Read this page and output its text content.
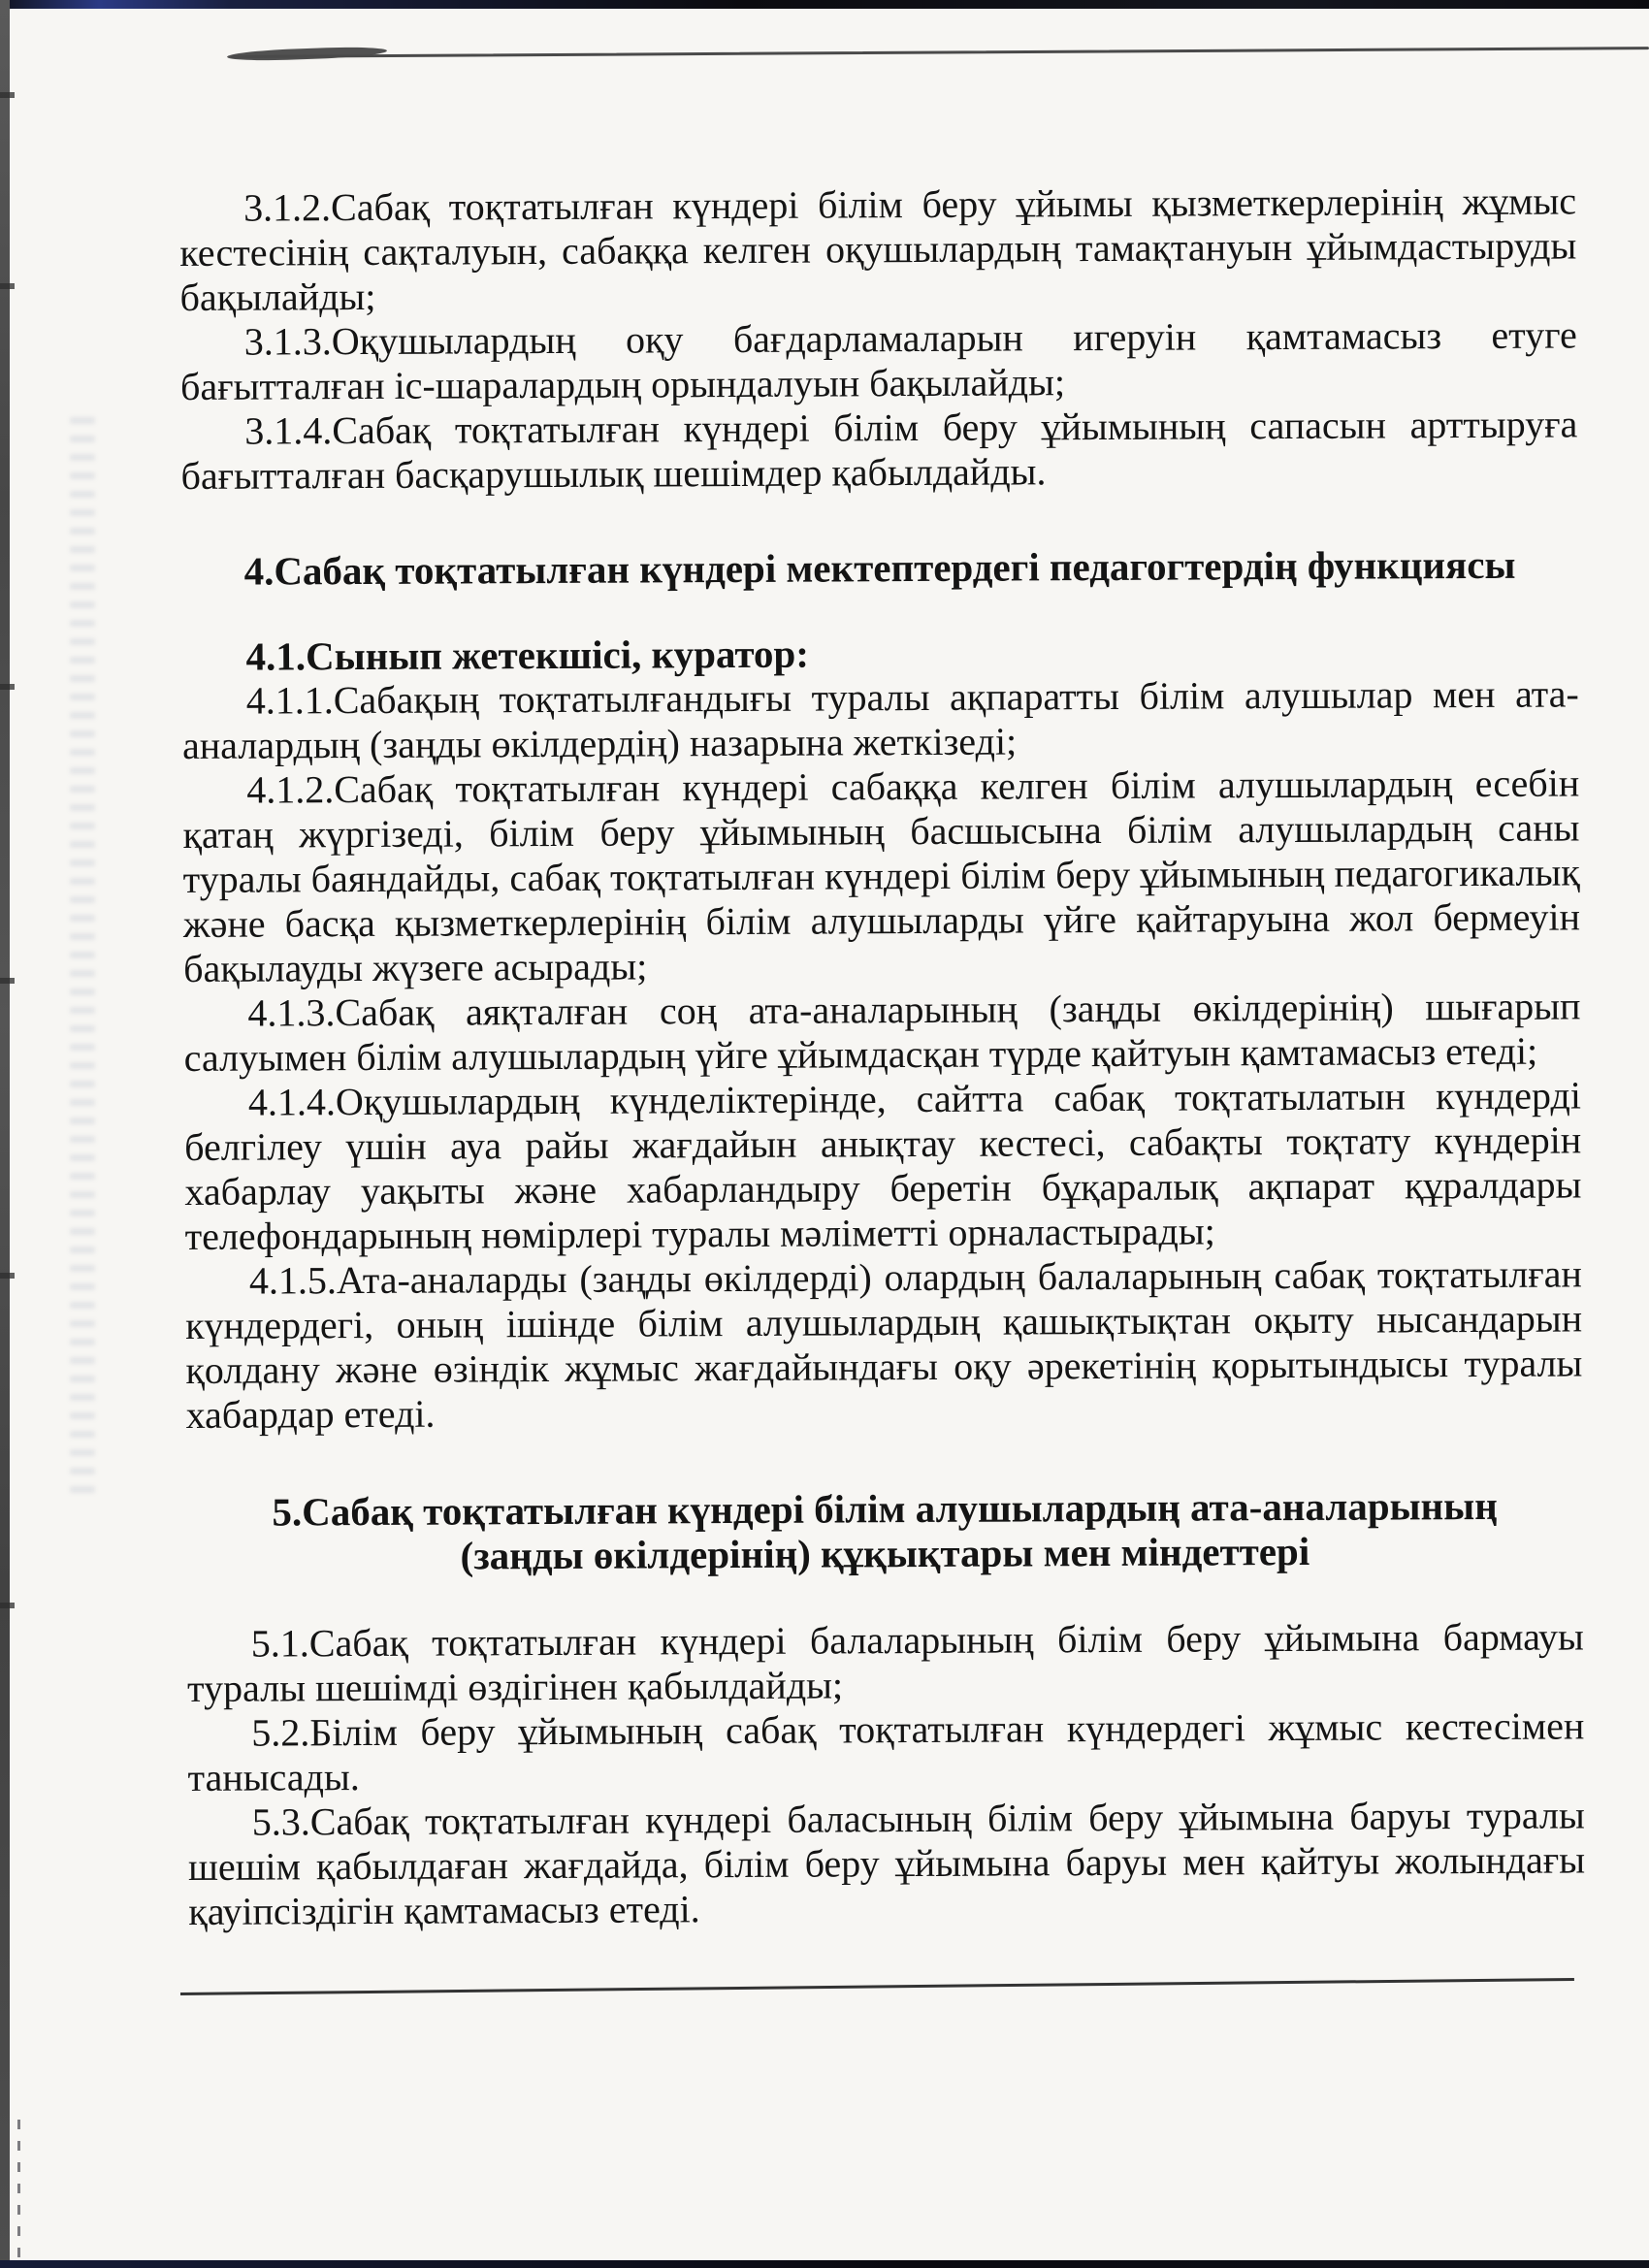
3.1.2.Сабақ тоқтатылған күндері білім беру ұйымы қызметкерлерінің жұмыс кестесінің сақталуын, сабаққа келген оқушылардың тамақтануын ұйымдастыруды бақылайды;

3.1.3.Оқушылардың оқу бағдарламаларын игеруін қамтамасыз етуге бағытталған іс-шаралардың орындалуын бақылайды;

3.1.4.Сабақ тоқтатылған күндері білім беру ұйымының сапасын арттыруға бағытталған басқарушылық шешімдер қабылдайды.

4.Сабақ тоқтатылған күндері мектептердегі педагогтердің функциясы
4.1.Сынып жетекшісі, куратор:

4.1.1.Сабақың тоқтатылғандығы туралы ақпаратты білім алушылар мен ата-аналардың (заңды өкілдердің) назарына жеткізеді;

4.1.2.Сабақ тоқтатылған күндері сабаққа келген білім алушылардың есебін қатаң жүргізеді, білім беру ұйымының басшысына білім алушылардың саны туралы баяндайды, сабақ тоқтатылған күндері білім беру ұйымының педагогикалық және басқа қызметкерлерінің білім алушыларды үйге қайтаруына жол бермеуін бақылауды жүзеге асырады;

4.1.3.Сабақ аяқталған соң ата-аналарының (заңды өкілдерінің) шығарып салуымен білім алушылардың үйге ұйымдасқан түрде қайтуын қамтамасыз етеді;

4.1.4.Оқушылардың күнделіктерінде, сайтта сабақ тоқтатылатын күндерді белгілеу үшін ауа райы жағдайын анықтау кестесі, сабақты тоқтату күндерін хабарлау уақыты және хабарландыру беретін бұқаралық ақпарат құралдары телефондарының нөмірлері туралы мәліметті орналастырады;

4.1.5.Ата-аналарды (заңды өкілдерді) олардың балаларының сабақ тоқтатылған күндердегі, оның ішінде білім алушылардың қашықтықтан оқыту нысандарын қолдану және өзіндік жұмыс жағдайындағы оқу әрекетінің қорытындысы туралы хабардар етеді.

5.Сабақ тоқтатылған күндері білім алушылардың ата-аналарының
(заңды өкілдерінің) құқықтары мен міндеттері

5.1.Сабақ тоқтатылған күндері балаларының білім беру ұйымына бармауы туралы шешімді өздігінен қабылдайды;

5.2.Білім беру ұйымының сабақ тоқтатылған күндердегі жұмыс кестесімен танысады.

5.3.Сабақ тоқтатылған күндері баласының білім беру ұйымына баруы туралы шешім қабылдаған жағдайда, білім беру ұйымына баруы мен қайтуы жолындағы қауіпсіздігін қамтамасыз етеді.
